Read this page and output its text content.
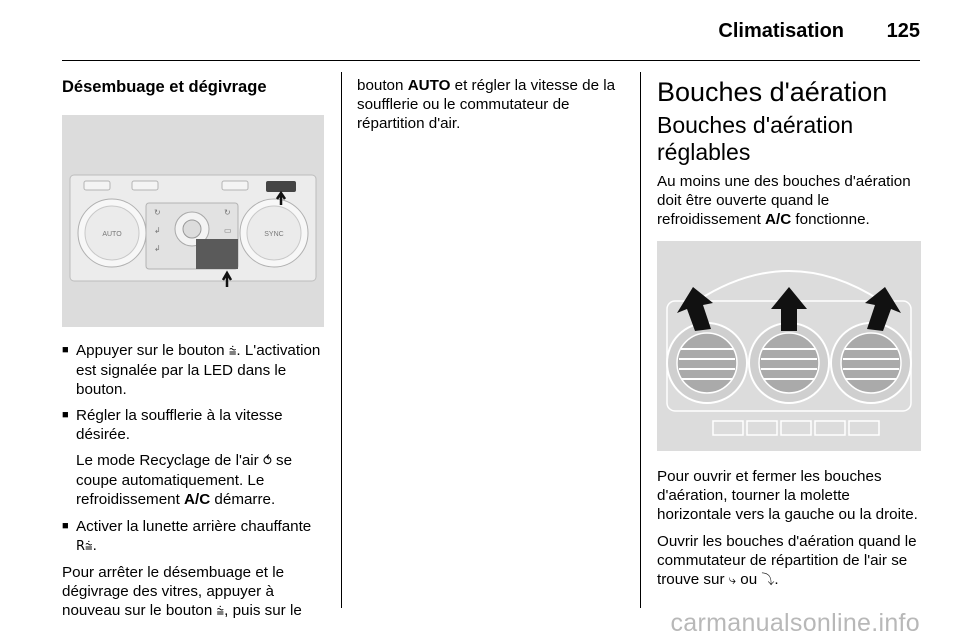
Climatisation 125
Désembuage et dégivrage
AUTO	SYNC
↻
↲
↲
↻
▭
■ Appuyer sur le bouton ⩭. L'activation est signalée par la LED dans le bouton.
■ Régler la soufflerie à la vitesse désirée.

Le mode Recyclage de l'air ⥀ se coupe automatiquement. Le refroidissement A/C démarre.

■ Activer la lunette arrière chauffante R⩭.

Pour arrêter le désembuage et le dégivrage des vitres, appuyer à nouveau sur le bouton ⩭, puis sur le

bouton AUTO et régler la vitesse de la soufflerie ou le commutateur de répartition d'air.

Bouches d'aération
Bouches d'aération réglables

Au moins une des bouches d'aération doit être ouverte quand le refroidissement A/C fonctionne.

Pour ouvrir et fermer les bouches d'aération, tourner la molette horizontale vers la gauche ou la droite.

Ouvrir les bouches d'aération quand le commutateur de répartition de l'air se trouve sur ⤷ ou ⤵.

carmanualsonline.info
